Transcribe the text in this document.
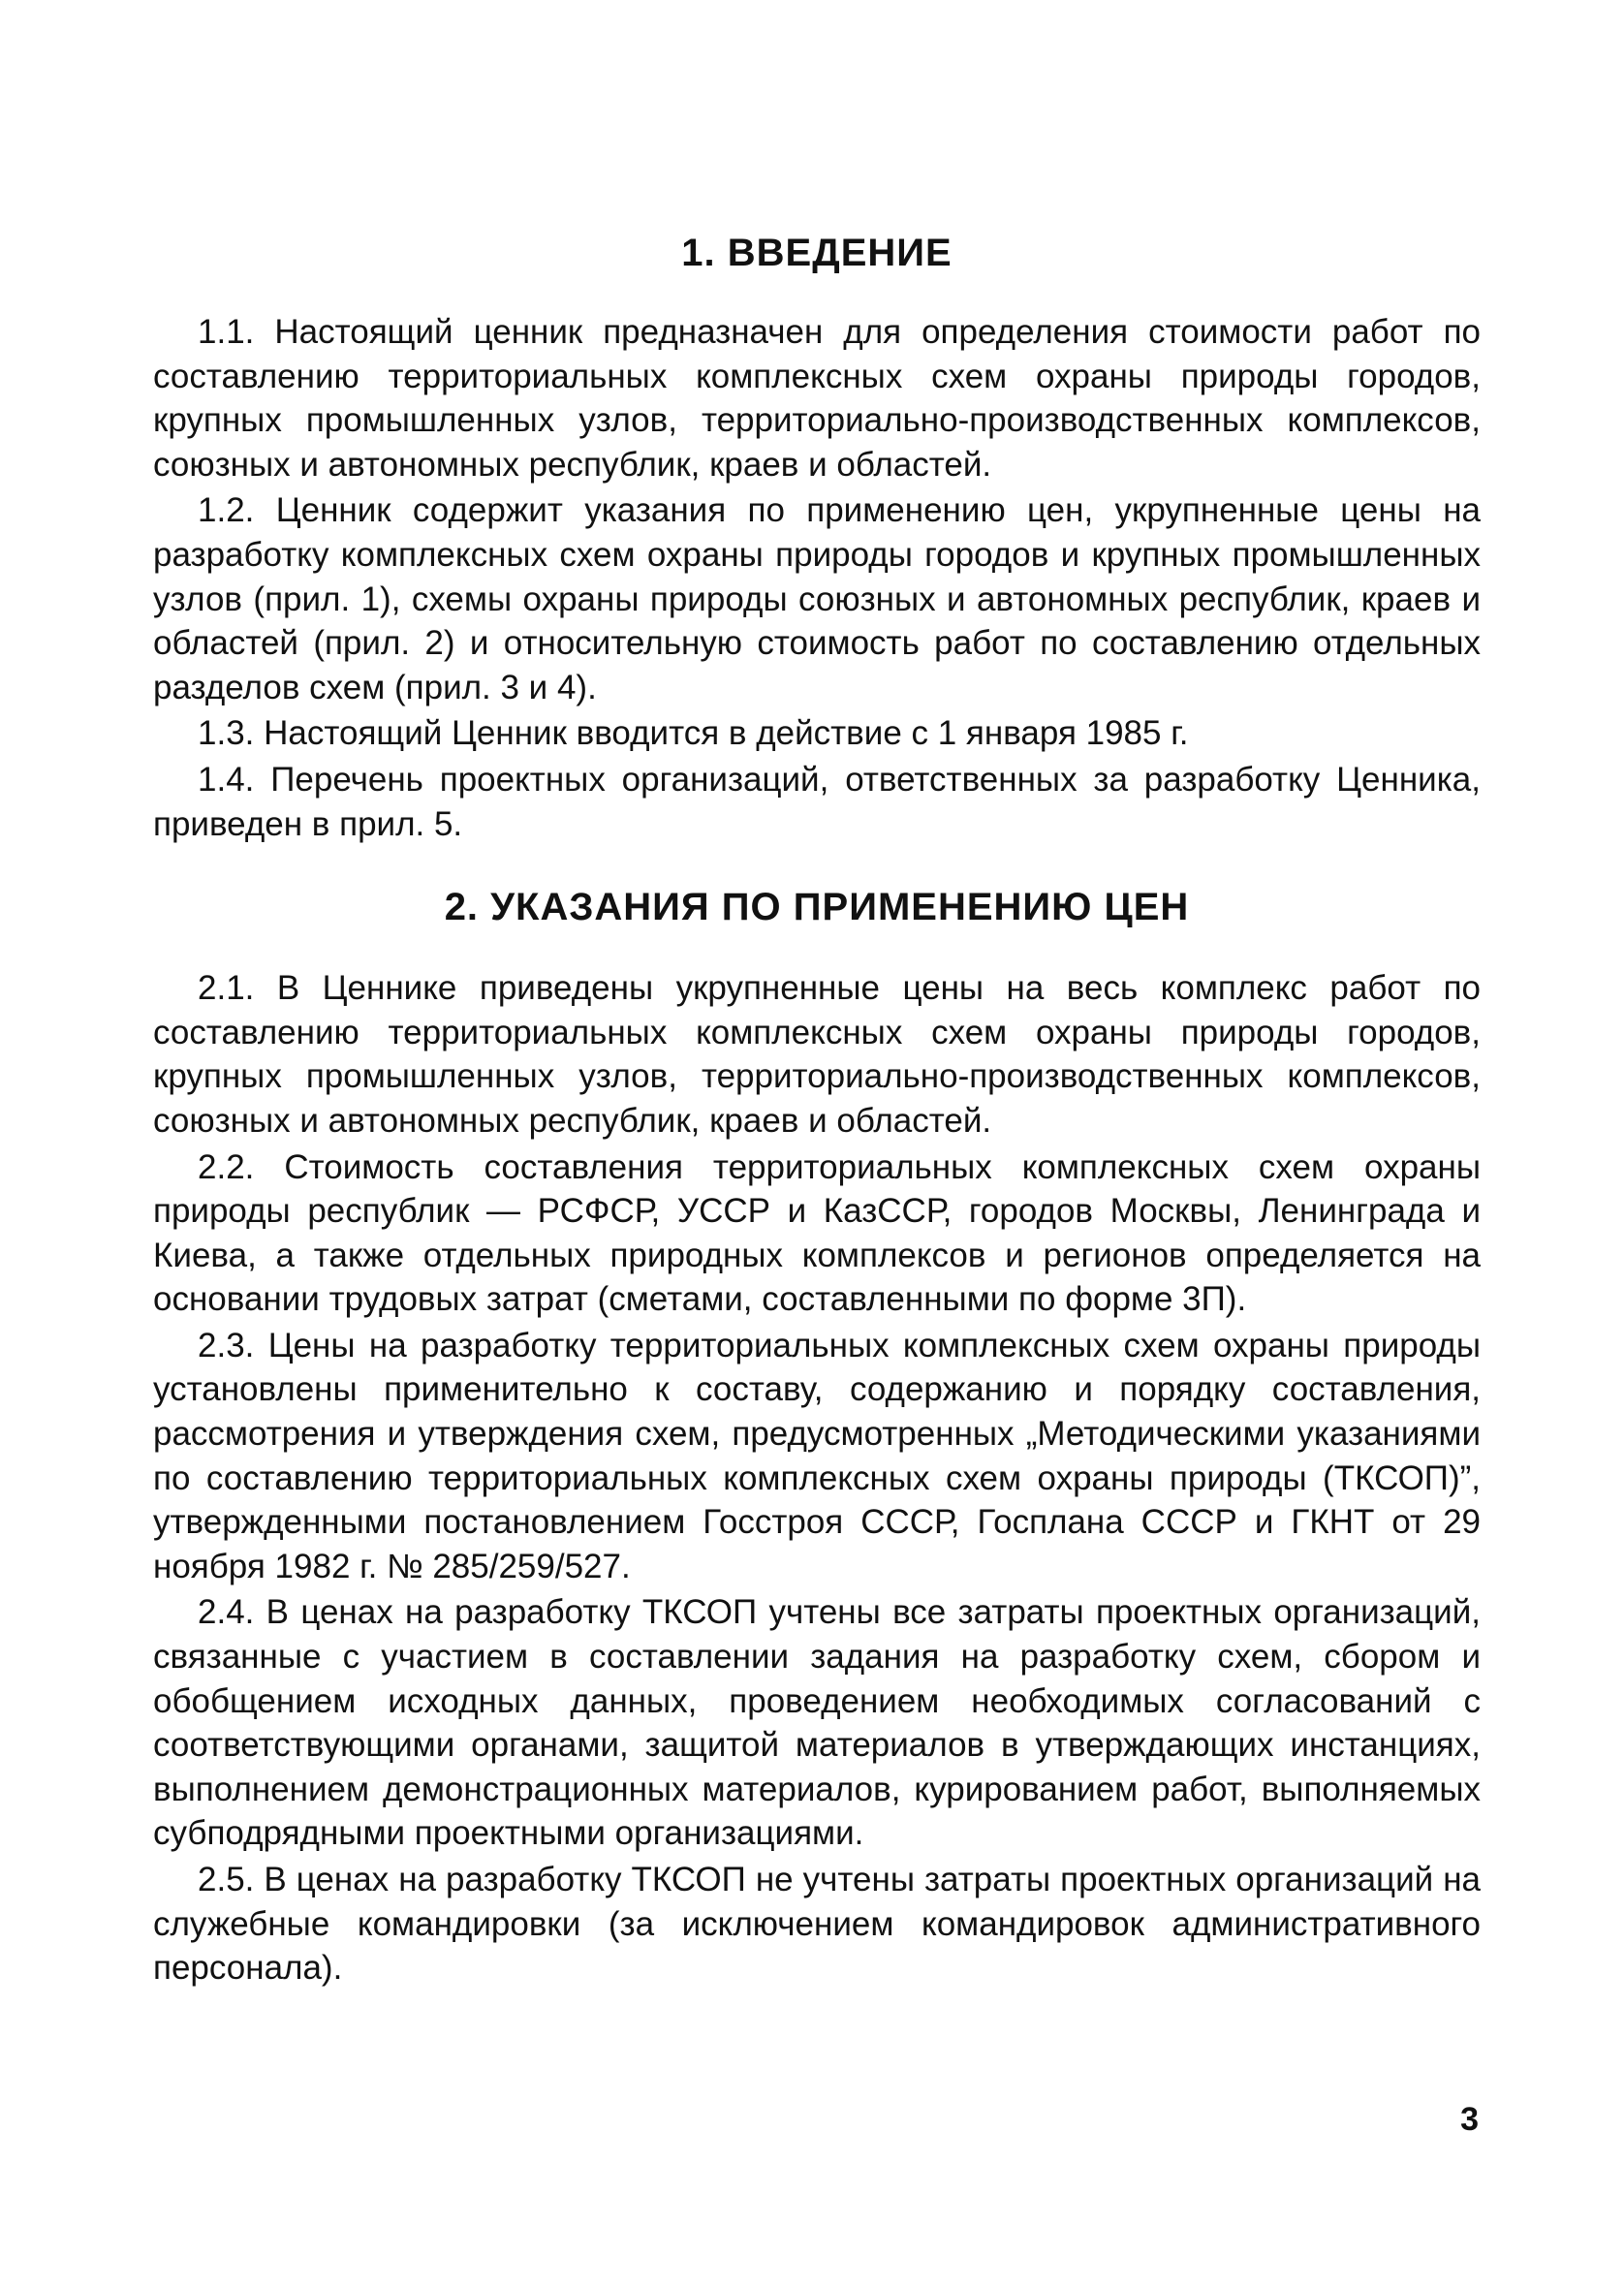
1. ВВЕДЕНИЕ

1.1. Настоящий ценник предназначен для определения стоимости работ по составлению территориальных комплексных схем охраны природы городов, крупных промышленных узлов, территориально-производственных комплексов, союзных и автономных республик, краев и областей.

1.2. Ценник содержит указания по применению цен, укрупненные цены на разработку комплексных схем охраны природы городов и крупных промышленных узлов (прил. 1), схемы охраны природы союзных и автономных республик, краев и областей (прил. 2) и относительную стоимость работ по составлению отдельных разделов схем (прил. 3 и 4).

1.3. Настоящий Ценник вводится в действие с 1 января 1985 г.

1.4. Перечень проектных организаций, ответственных за разработку Ценника, приведен в прил. 5.

2. УКАЗАНИЯ ПО ПРИМЕНЕНИЮ ЦЕН

2.1. В Ценнике приведены укрупненные цены на весь комплекс работ по составлению территориальных комплексных схем охраны природы городов, крупных промышленных узлов, территориально-производственных комплексов, союзных и автономных республик, краев и областей.

2.2. Стоимость составления территориальных комплексных схем охраны природы республик — РСФСР, УССР и КазССР, городов Москвы, Ленинграда и Киева, а также отдельных природных комплексов и регионов определяется на основании трудовых затрат (сметами, составленными по форме 3П).

2.3. Цены на разработку территориальных комплексных схем охраны природы установлены применительно к составу, содержанию и порядку составления, рассмотрения и утверждения схем, предусмотренных „Методическими указаниями по составлению территориальных комплексных схем охраны природы (ТКСОП)”, утвержденными постановлением Госстроя СССР, Госплана СССР и ГКНТ от 29 ноября 1982 г. № 285/259/527.

2.4. В ценах на разработку ТКСОП учтены все затраты проектных организаций, связанные с участием в составлении задания на разработку схем, сбором и обобщением исходных данных, проведением необходимых согласований с соответствующими органами, защитой материалов в утверждающих инстанциях, выполнением демонстрационных материалов, курированием работ, выполняемых субподрядными проектными организациями.

2.5. В ценах на разработку ТКСОП не учтены затраты проектных организаций на служебные командировки (за исключением командировок административного персонала).

3
